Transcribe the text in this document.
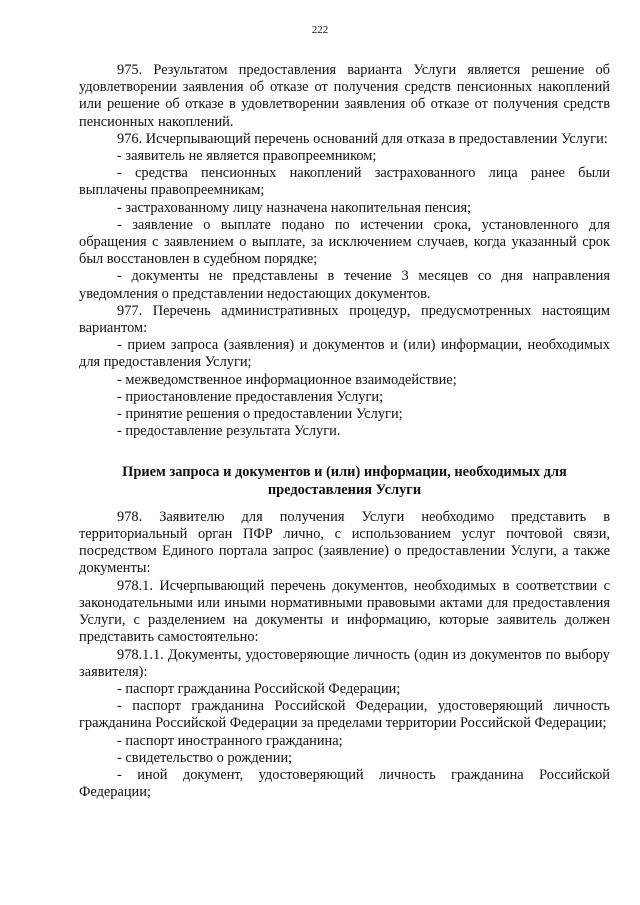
222

975. Результатом предоставления варианта Услуги является решение об удовлетворении заявления об отказе от получения средств пенсионных накоплений или решение об отказе в удовлетворении заявления об отказе от получения средств пенсионных накоплений.

976. Исчерпывающий перечень оснований для отказа в предоставлении Услуги:

- заявитель не является правопреемником;

- средства пенсионных накоплений застрахованного лица ранее были выплачены правопреемникам;

- застрахованному лицу назначена накопительная пенсия;

- заявление о выплате подано по истечении срока, установленного для обращения с заявлением о выплате, за исключением случаев, когда указанный срок был восстановлен в судебном порядке;

- документы не представлены в течение 3 месяцев со дня направления уведомления о представлении недостающих документов.

977. Перечень административных процедур, предусмотренных настоящим вариантом:

- прием запроса (заявления) и документов и (или) информации, необходимых для предоставления Услуги;

- межведомственное информационное взаимодействие;

- приостановление предоставления Услуги;

- принятие решения о предоставлении Услуги;

- предоставление результата Услуги.

Прием запроса и документов и (или) информации, необходимых для
предоставления Услуги

978. Заявителю для получения Услуги необходимо представить в территориальный орган ПФР лично, с использованием услуг почтовой связи, посредством Единого портала запрос (заявление) о предоставлении Услуги, а также документы:

978.1. Исчерпывающий перечень документов, необходимых в соответствии с законодательными или иными нормативными правовыми актами для предоставления Услуги, с разделением на документы и информацию, которые заявитель должен представить самостоятельно:

978.1.1. Документы, удостоверяющие личность (один из документов по выбору заявителя):

- паспорт гражданина Российской Федерации;

- паспорт гражданина Российской Федерации, удостоверяющий личность гражданина Российской Федерации за пределами территории Российской Федерации;

- паспорт иностранного гражданина;

- свидетельство о рождении;

- иной документ, удостоверяющий личность гражданина Российской Федерации;
